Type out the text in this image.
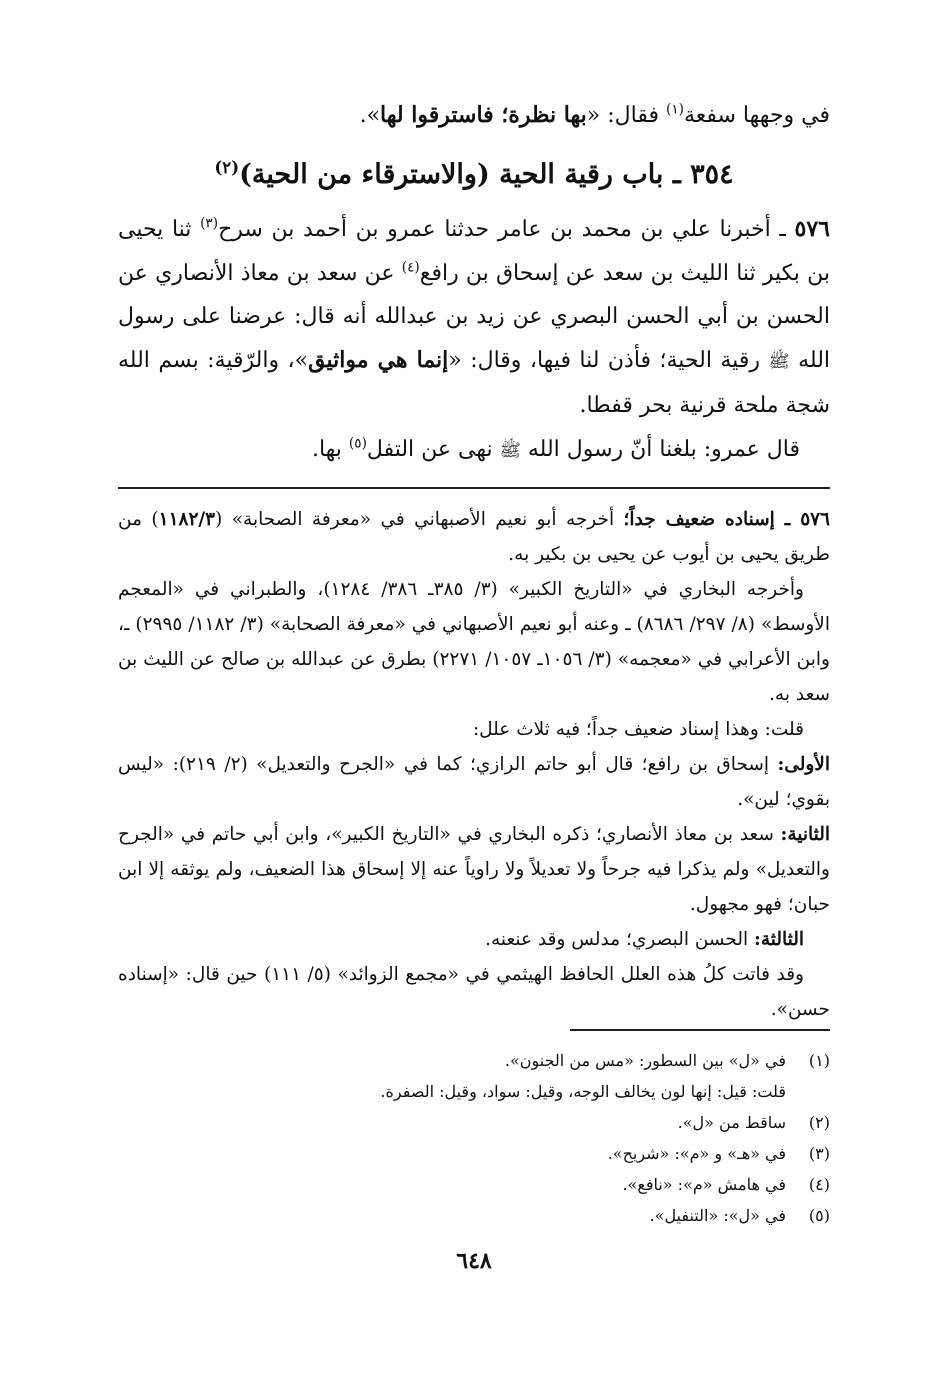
في وجهها سفعة$^{(١)}$ فقال: «بها نظرة؛ فاسترقوا لها».
٣٥٤ ـ باب رقية الحية (والاسترقاء من الحية)$^{(٢)}$

٥٧٦ ـ أخبرنا علي بن محمد بن عامر حدثنا عمرو بن أحمد بن سرح$^{(٣)}$ ثنا يحيى بن بكير ثنا الليث بن سعد عن إسحاق بن رافع$^{(٤)}$ عن سعد بن معاذ الأنصاري عن الحسن بن أبي الحسن البصري عن زيد بن عبدالله أنه قال: عرضنا على رسول الله ﷺ رقية الحية؛ فأذن لنا فيها، وقال: «إنما هي مواثيق»، والرّقية: بسم الله شجة ملحة قرنية بحر قفطا.

قال عمرو: بلغنا أنّ رسول الله ﷺ نهى عن التفل$^{(٥)}$ بها.

٥٧٦ ـ إسناده ضعيف جداً؛ أخرجه أبو نعيم الأصبهاني في «معرفة الصحابة» (١١٨٢/٣) من طريق يحيى بن أيوب عن يحيى بن بكير به.

وأخرجه البخاري في «التاريخ الكبير» (٣/ ٣٨٥ـ ٣٨٦/ ١٢٨٤)، والطبراني في «المعجم الأوسط» (٨/ ٢٩٧/ ٨٦٨٦) ـ وعنه أبو نعيم الأصبهاني في «معرفة الصحابة» (٣/ ١١٨٢/ ٢٩٩٥) ـ، وابن الأعرابي في «معجمه» (٣/ ١٠٥٦ـ ١٠٥٧/ ٢٢٧١) بطرق عن عبدالله بن صالح عن الليث بن سعد به.

قلت: وهذا إسناد ضعيف جداً؛ فيه ثلاث علل:

الأولى: إسحاق بن رافع؛ قال أبو حاتم الرازي؛ كما في «الجرح والتعديل» (٢/ ٢١٩): «ليس بقوي؛ لين».

الثانية: سعد بن معاذ الأنصاري؛ ذكره البخاري في «التاريخ الكبير»، وابن أبي حاتم في «الجرح والتعديل» ولم يذكرا فيه جرحاً ولا تعديلاً ولا راوياً عنه إلا إسحاق هذا الضعيف، ولم يوثقه إلا ابن حبان؛ فهو مجهول.

الثالثة: الحسن البصري؛ مدلس وقد عنعنه.

وقد فاتت كلُ هذه العلل الحافظ الهيثمي في «مجمع الزوائد» (٥/ ١١١) حين قال: «إسناده حسن».

(١)
في «ل» بين السطور: «مس من الجنون».
قلت: قيل: إنها لون يخالف الوجه، وقيل: سواد، وقيل: الصفرة.
(٢)
ساقط من «ل».
(٣)
في «هـ» و «م»: «شريح».
(٤)
في هامش «م»: «نافع».
(٥)
في «ل»: «التنفيل».
٦٤٨
